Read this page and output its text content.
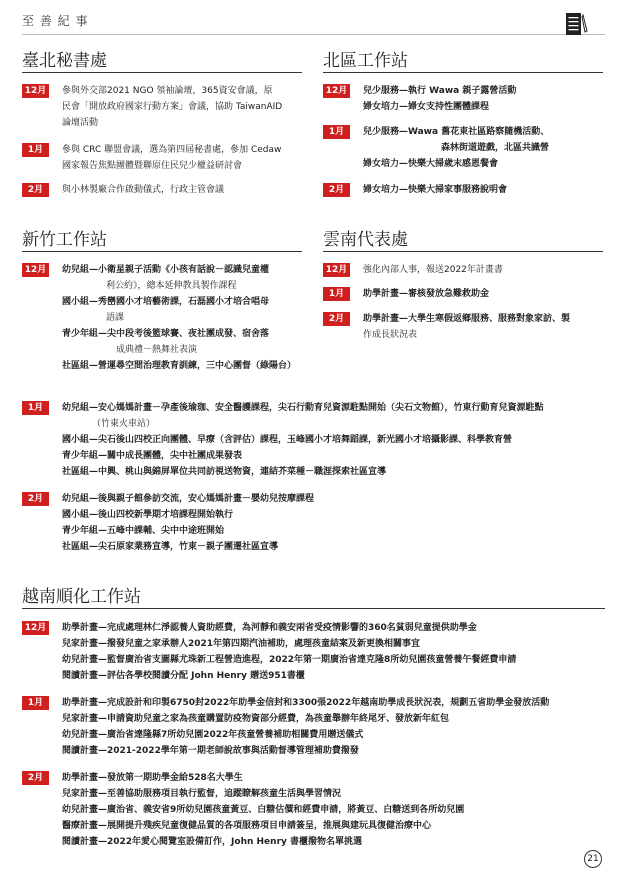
至 善 紀 事
臺北秘書處
12月	參與外交部2021 NGO 領袖論壇，365資安會議，原
民會「開放政府國家行動方案」會議，協助 TaiwanAID
論壇活動
1月	參與 CRC 聯盟會議，選為第四屆秘書處，參加 Cedaw
國家報告焦點團體暨聯原住民兒少權益研討會
2月	與小林製廠合作啟動儀式，行政主管會議
北區工作站
12月	兒少服務—執行 Wawa 親子露營活動
婦女培力—婦女支持性團體課程
1月	兒少服務—Wawa 舊花東社區路察隨機活動、
森林街道遊戲，北區共識營
婦女培力—快樂大掃歲末感恩餐會
2月	婦女培力—快樂大掃家事服務說明會
新竹工作站
12月	幼兒組—小衛星親子活動《小孩有話說－認識兒童權
利公約》，總本延伸教具製作課程
國小組—秀巒國小才培藝術課，石磊國小才培合唱母
語課
青少年組—尖中段考後籃球賽、夜社團成發、宿舍落
成典禮－熱舞社表演
社區組—營運尋空間治理教育訓練，三中心團督（綠陽台）
雲南代表處
12月	強化內部人事，報送2022年計畫書
1月	助學計畫—審核發放急難救助金
2月	助學計畫—大學生寒假返鄉服務、服務對象家訪、製
作成長狀況表
1月	幼兒組—安心媽媽計畫－孕產後瑜珈、安全醫護課程，尖石行動育兒資源駐點開始（尖石文物館），竹東行動育兒資源駐點
（竹東火車站）
國小組—尖石後山四校正向團體、早療（含評估）課程，玉峰國小才培舞蹈課，新光國小才培攝影課、科學教育營
青少年組—關中成長團體，尖中社團成果發表
社區組—中興、桃山與錦屏單位共同訪視送物資，連結芥菜種－職涯探索社區宣導
2月	幼兒組—後與親子館參訪交流，安心媽媽計畫－嬰幼兒按摩課程
國小組—後山四校新學期才培課程開始執行
青少年組—五峰中課輔、尖中中途班開始
社區組—尖石原家業務宣導，竹東－親子團遷社區宣導
越南順化工作站
12月	助學計畫—完成處理林仁淨認養人資助經費，為河靜和義安兩省受疫情影響的360名貧弱兒童提供助學金
兒家計畫—撥發兒童之家承辦人2021年第四期汽油補助，處理孩童結案及新更換相關事宜
幼兒計畫—監督廣治省支圖縣尤珠新工程營造進程，2022年第一期廣治省達克隆8所幼兒園孩童營養午餐經費申請
閱讀計畫—評估各學校閱讀分配 John Henry 贈送951書櫃
1月	助學計畫—完成設計和印製6750封2022年助學金信封和3300張2022年越南助學成長狀況表，規劃五省助學金發放活動
兒家計畫—申請資助兒童之家為孩童購置防疫物資部分經費，為孩童舉辦年終尾牙、發放新年紅包
幼兒計畫—廣治省達隆縣7所幼兒園2022年孩童營養補助相關費用贈送儀式
閱讀計畫—2021-2022學年第一期老師說故事與活動督導管理補助費撥發
2月	助學計畫—發放第一期助學金給528名大學生
兒家計畫—至善協助服務項目執行監督，追蹤瞭解孩童生活與學習情況
幼兒計畫—廣治省、義安省9所幼兒園孩童黃豆、白糖估價和經費申請，將黃豆、白糖送到各所幼兒園
醫療計畫—展開提升殘疾兒童復健品質的各項服務項目申請簽呈，推展與建玩具復健治療中心
閱讀計畫—2022年愛心閱覽室設備訂作，John Henry 書櫃撥物名單挑選
21
